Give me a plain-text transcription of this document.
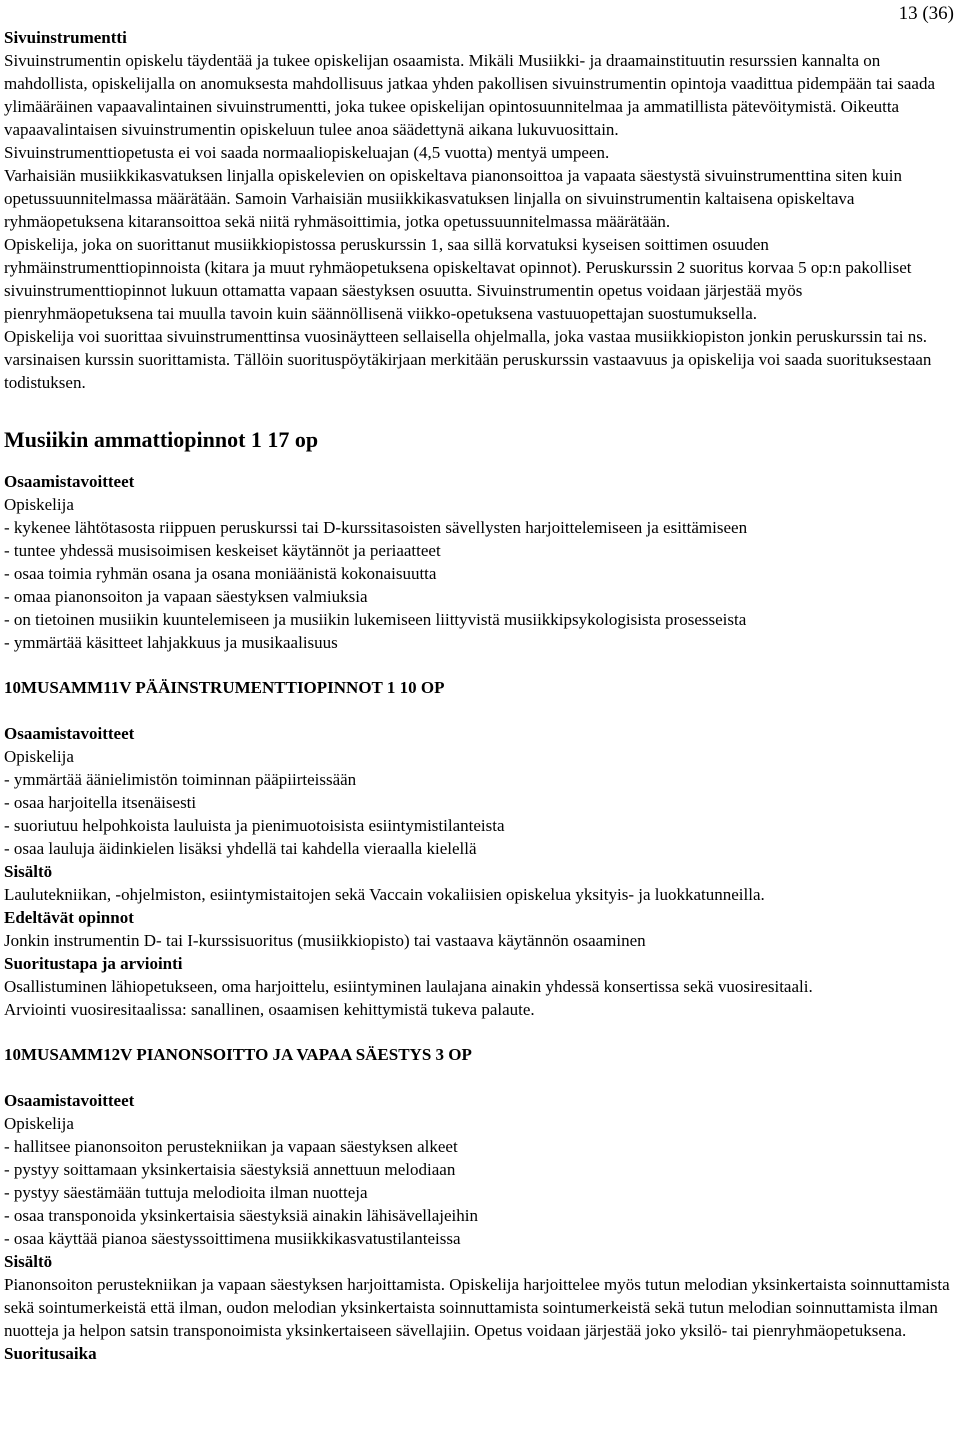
13 (36)
Sivuinstrumentti

Sivuinstrumentin opiskelu täydentää ja tukee opiskelijan osaamista. Mikäli Musiikki- ja draamainstituutin resurssien kannalta on mahdollista, opiskelijalla on anomuksesta mahdollisuus jatkaa yhden pakollisen sivuinstrumentin opintoja vaadittua pidempään tai saada ylimääräinen vapaavalintainen sivuinstrumentti, joka tukee opiskelijan opintosuunnitelmaa ja ammatillista pätevöitymistä. Oikeutta vapaavalintaisen sivuinstrumentin opiskeluun tulee anoa säädettynä aikana lukuvuosittain.

Sivuinstrumenttiopetusta ei voi saada normaaliopiskeluajan (4,5 vuotta) mentyä umpeen.

Varhaisiän musiikkikasvatuksen linjalla opiskelevien on opiskeltava pianonsoittoa ja vapaata säestystä sivuinstrumenttina siten kuin opetussuunnitelmassa määrätään. Samoin Varhaisiän musiikkikasvatuksen linjalla on sivuinstrumentin kaltaisena opiskeltava ryhmäopetuksena kitaransoittoa sekä niitä ryhmäsoittimia, jotka opetussuunnitelmassa määrätään.

Opiskelija, joka on suorittanut musiikkiopistossa peruskurssin 1, saa sillä korvatuksi kyseisen soittimen osuuden ryhmäinstrumenttiopinnoista (kitara ja muut ryhmäopetuksena opiskeltavat opinnot). Peruskurssin 2 suoritus korvaa 5 op:n pakolliset sivuinstrumenttiopinnot lukuun ottamatta vapaan säestyksen osuutta. Sivuinstrumentin opetus voidaan järjestää myös pienryhmäopetuksena tai muulla tavoin kuin säännöllisenä viikko-opetuksena vastuuopettajan suostumuksella.

Opiskelija voi suorittaa sivuinstrumenttinsa vuosinäytteen sellaisella ohjelmalla, joka vastaa musiikkiopiston jonkin peruskurssin tai ns. varsinaisen kurssin suorittamista. Tällöin suorituspöytäkirjaan merkitään peruskurssin vastaavuus ja opiskelija voi saada suorituksestaan todistuksen.

Musiikin ammattiopinnot 1 17 op
Osaamistavoitteet
Opiskelija
- kykenee lähtötasosta riippuen peruskurssi tai D-kurssitasoisten sävellysten harjoittelemiseen ja esittämiseen
- tuntee yhdessä musisoimisen keskeiset käytännöt ja periaatteet
- osaa toimia ryhmän osana ja osana moniäänistä kokonaisuutta
- omaa pianonsoiton ja vapaan säestyksen valmiuksia
- on tietoinen musiikin kuuntelemiseen ja musiikin lukemiseen liittyvistä musiikkipsykologisista prosesseista
- ymmärtää käsitteet lahjakkuus ja musikaalisuus
10MUSAMM11V PÄÄINSTRUMENTTIOPINNOT 1 10 OP
Osaamistavoitteet
Opiskelija
- ymmärtää äänielimistön toiminnan pääpiirteissään
- osaa harjoitella itsenäisesti
- suoriutuu helpohkoista lauluista ja pienimuotoisista esiintymistilanteista
- osaa lauluja äidinkielen lisäksi yhdellä tai kahdella vieraalla kielellä
Sisältö
Laulutekniikan, -ohjelmiston, esiintymistaitojen sekä Vaccain vokaliisien opiskelua yksityis- ja luokkatunneilla.
Edeltävät opinnot
Jonkin instrumentin D- tai I-kurssisuoritus (musiikkiopisto) tai vastaava käytännön osaaminen
Suoritustapa ja arviointi
Osallistuminen lähiopetukseen, oma harjoittelu, esiintyminen laulajana ainakin yhdessä konsertissa sekä vuosiresitaali.
Arviointi vuosiresitaalissa: sanallinen, osaamisen kehittymistä tukeva palaute.
10MUSAMM12V PIANONSOITTO JA VAPAA SÄESTYS 3 OP
Osaamistavoitteet
Opiskelija
- hallitsee pianonsoiton perustekniikan ja vapaan säestyksen alkeet
- pystyy soittamaan yksinkertaisia säestyksiä annettuun melodiaan
- pystyy säestämään tuttuja melodioita ilman nuotteja
- osaa transponoida yksinkertaisia säestyksiä ainakin lähisävellajeihin
- osaa käyttää pianoa säestyssoittimena musiikkikasvatustilanteissa
Sisältö
Pianonsoiton perustekniikan ja vapaan säestyksen harjoittamista. Opiskelija harjoittelee myös tutun melodian yksinkertaista soinnuttamista sekä sointumerkeistä että ilman, oudon melodian yksinkertaista soinnuttamista sointumerkeistä sekä tutun melodian soinnuttamista ilman nuotteja ja helpon satsin transponoimista yksinkertaiseen sävellajiin. Opetus voidaan järjestää joko yksilö- tai pienryhmäopetuksena.
Suoritusaika
